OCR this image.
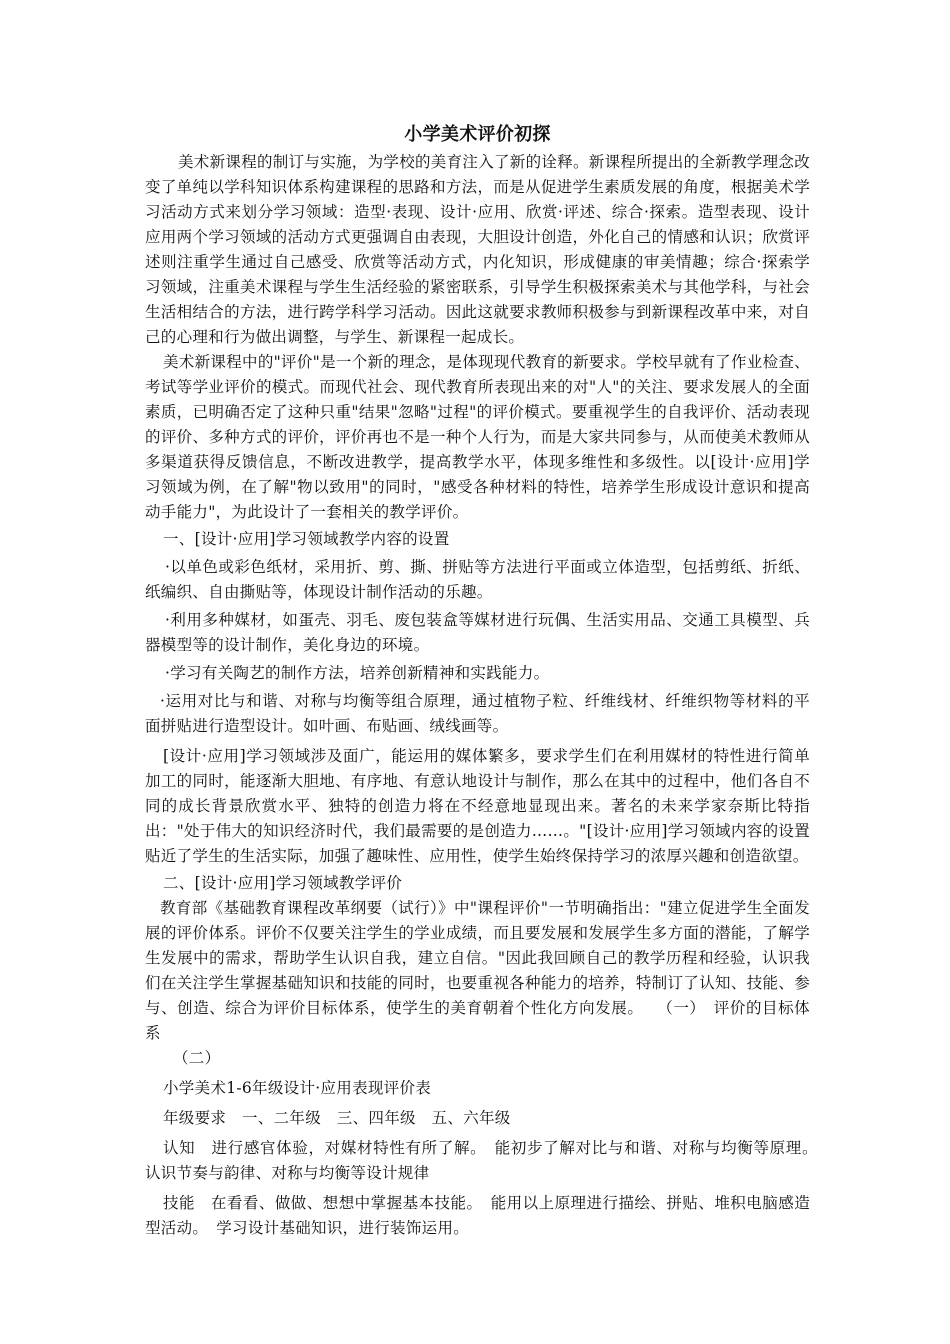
小学美术评价初探

美术新课程的制订与实施，为学校的美育注入了新的诠释。新课程所提出的全新教学理念改变了单纯以学科知识体系构建课程的思路和方法，而是从促进学生素质发展的角度，根据美术学习活动方式来划分学习领域：造型·表现、设计·应用、欣赏·评述、综合·探索。造型表现、设计应用两个学习领域的活动方式更强调自由表现，大胆设计创造，外化自己的情感和认识；欣赏评述则注重学生通过自己感受、欣赏等活动方式，内化知识，形成健康的审美情趣；综合·探索学习领域，注重美术课程与学生生活经验的紧密联系，引导学生积极探索美术与其他学科，与社会生活相结合的方法，进行跨学科学习活动。因此这就要求教师积极参与到新课程改革中来，对自己的心理和行为做出调整，与学生、新课程一起成长。

美术新课程中的"评价"是一个新的理念，是体现现代教育的新要求。学校早就有了作业检查、考试等学业评价的模式。而现代社会、现代教育所表现出来的对"人"的关注、要求发展人的全面素质，已明确否定了这种只重"结果"忽略"过程"的评价模式。要重视学生的自我评价、活动表现的评价、多种方式的评价，评价再也不是一种个人行为，而是大家共同参与，从而使美术教师从多渠道获得反馈信息，不断改进教学，提高教学水平，体现多维性和多级性。以[设计·应用]学习领域为例，在了解"物以致用"的同时，"感受各种材料的特性，培养学生形成设计意识和提高动手能力"，为此设计了一套相关的教学评价。

一、[设计·应用]学习领域教学内容的设置

·以单色或彩色纸材，采用折、剪、撕、拼贴等方法进行平面或立体造型，包括剪纸、折纸、纸编织、自由撕贴等，体现设计制作活动的乐趣。

·利用多种媒材，如蛋壳、羽毛、废包装盒等媒材进行玩偶、生活实用品、交通工具模型、兵器模型等的设计制作，美化身边的环境。

·学习有关陶艺的制作方法，培养创新精神和实践能力。

·运用对比与和谐、对称与均衡等组合原理，通过植物子粒、纤维线材、纤维织物等材料的平面拼贴进行造型设计。如叶画、布贴画、绒线画等。

[设计·应用]学习领域涉及面广，能运用的媒体繁多，要求学生们在利用媒材的特性进行简单加工的同时，能逐渐大胆地、有序地、有意认地设计与制作，那么在其中的过程中，他们各自不同的成长背景欣赏水平、独特的创造力将在不经意地显现出来。著名的未来学家奈斯比特指出："处于伟大的知识经济时代，我们最需要的是创造力……。"[设计·应用]学习领域内容的设置贴近了学生的生活实际，加强了趣味性、应用性，使学生始终保持学习的浓厚兴趣和创造欲望。

二、[设计·应用]学习领域教学评价

教育部《基础教育课程改革纲要（试行）》中"课程评价"一节明确指出："建立促进学生全面发展的评价体系。评价不仅要关注学生的学业成绩，而且要发展和发展学生多方面的潜能，了解学生发展中的需求，帮助学生认识自我，建立自信。"因此我回顾自己的教学历程和经验，认识我们在关注学生掌握基础知识和技能的同时，也要重视各种能力的培养，特制订了认知、技能、参与、创造、综合为评价目标体系，使学生的美育朝着个性化方向发展。　 （一）　评价的目标体系

（二）

小学美术1-6年级设计·应用表现评价表

年级要求　一、二年级　三、四年级　五、六年级

认知　进行感官体验，对媒材特性有所了解。　能初步了解对比与和谐、对称与均衡等原理。　认识节奏与韵律、对称与均衡等设计规律

技能　在看看、做做、想想中掌握基本技能。　能用以上原理进行描绘、拼贴、堆积电脑感造型活动。　学习设计基础知识，进行装饰运用。
